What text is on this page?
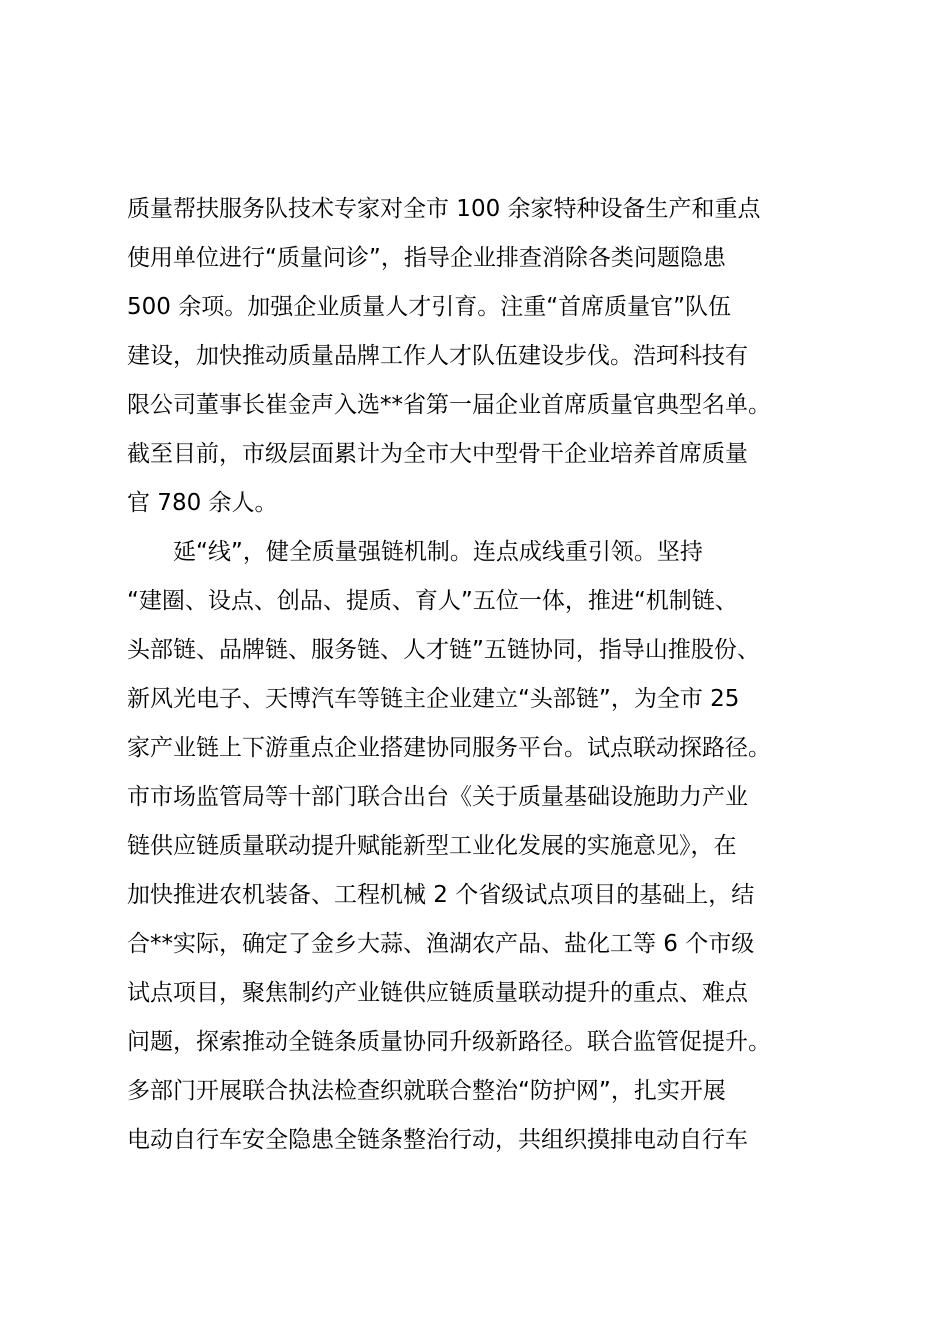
质量帮扶服务队技术专家对全市 100 余家特种设备生产和重点
使用单位进行“质量问诊”，指导企业排查消除各类问题隐患
500 余项。加强企业质量人才引育。注重“首席质量官”队伍
建设，加快推动质量品牌工作人才队伍建设步伐。浩珂科技有
限公司董事长崔金声入选**省第一届企业首席质量官典型名单。
截至目前，市级层面累计为全市大中型骨干企业培养首席质量
官 780 余人。
延“线”，健全质量强链机制。连点成线重引领。坚持
“建圈、设点、创品、提质、育人”五位一体，推进“机制链、
头部链、品牌链、服务链、人才链”五链协同，指导山推股份、
新风光电子、天博汽车等链主企业建立“头部链”，为全市 25
家产业链上下游重点企业搭建协同服务平台。试点联动探路径。
市市场监管局等十部门联合出台《关于质量基础设施助力产业
链供应链质量联动提升赋能新型工业化发展的实施意见》，在
加快推进农机装备、工程机械 2 个省级试点项目的基础上，结
合**实际，确定了金乡大蒜、渔湖农产品、盐化工等 6 个市级
试点项目，聚焦制约产业链供应链质量联动提升的重点、难点
问题，探索推动全链条质量协同升级新路径。联合监管促提升。
多部门开展联合执法检查织就联合整治“防护网”，扎实开展
电动自行车安全隐患全链条整治行动，共组织摸排电动自行车
